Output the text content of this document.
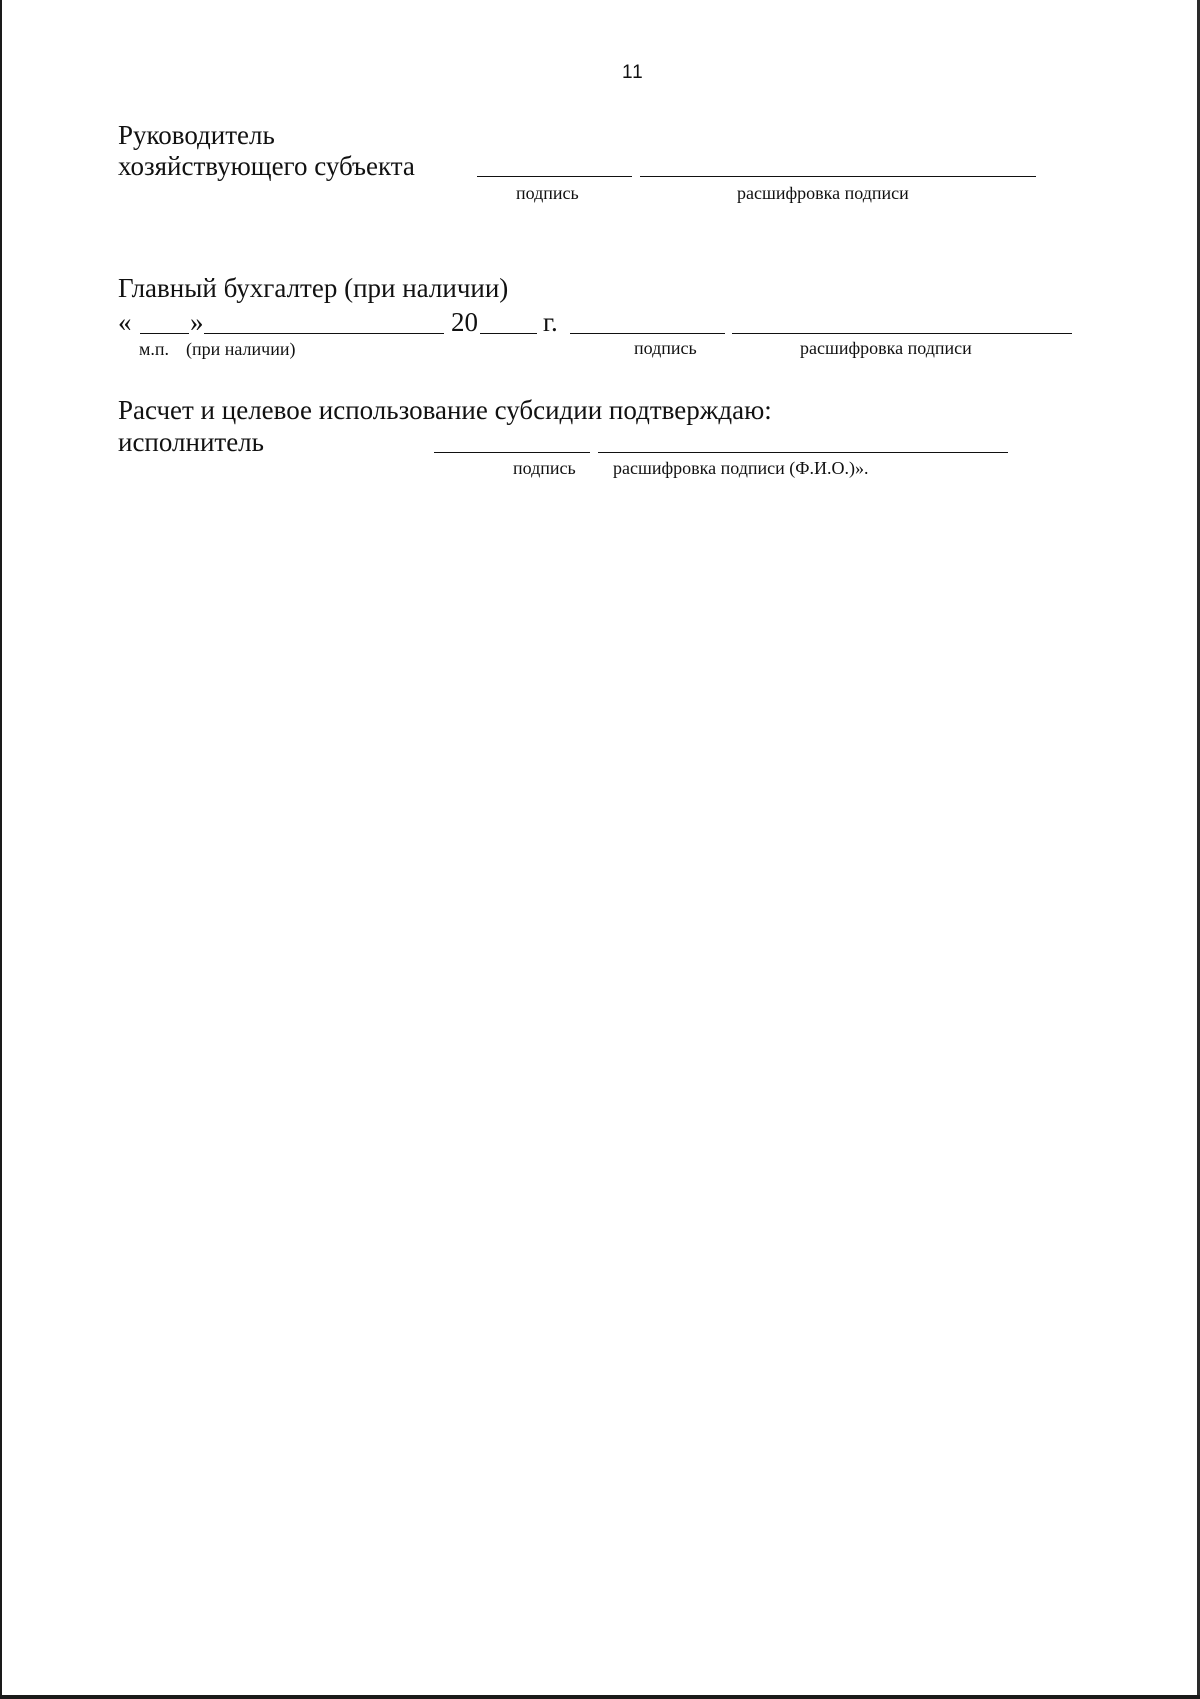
11
Руководитель
хозяйствующего субъекта
подпись	расшифровка подписи
Главный бухгалтер (при наличии)
« »	20 г.
м.п. (при наличии)	подпись	расшифровка подписи
Расчет и целевое использование субсидии подтверждаю:
исполнитель
подпись расшифровка подписи (Ф.И.О.)».
